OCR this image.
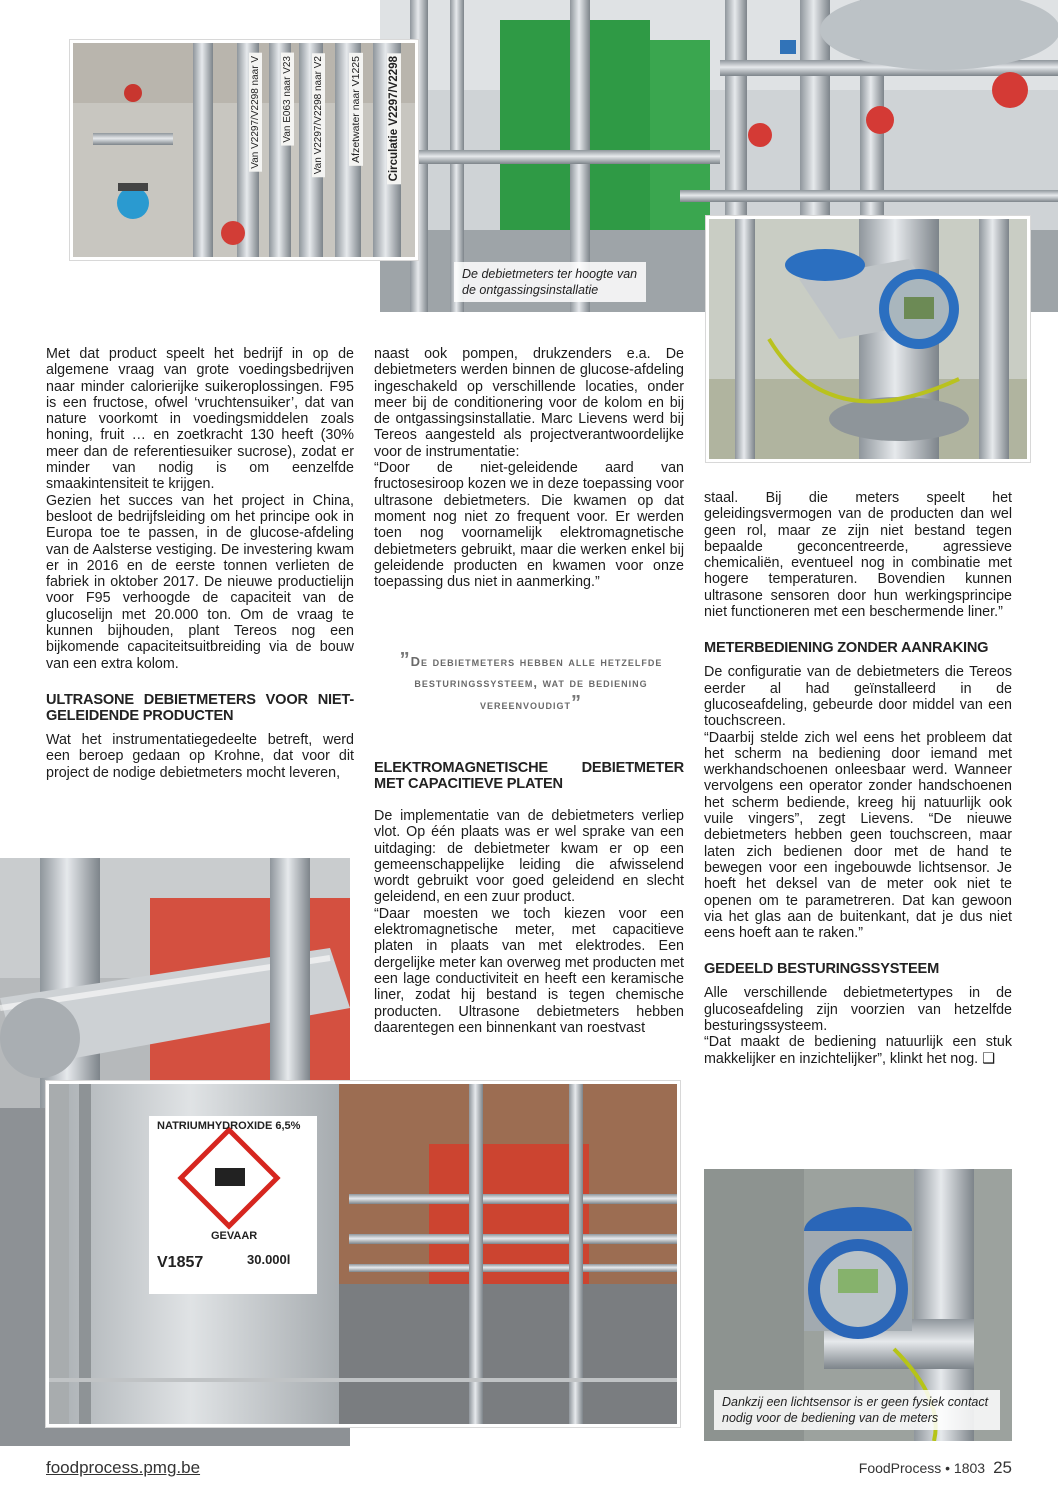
Circulatie V2297/V2298
Afzetwater naar V1225
Van V2297/V2298 naar V2
Van E063 naar V23
Van V2297/V2298 naar V
De debietmeters ter hoogte van de ontgassingsinstallatie
NATRIUMHYDROXIDE 6,5%
GEVAAR
V1857	30.000l
Dankzij een lichtsensor is er geen fysiek contact nodig voor de bediening van de meters

Met dat product speelt het bedrijf in op de algemene vraag van grote voedingsbedrijven naar minder calorierijke suikeroplossingen. F95 is een fructose, ofwel ‘vruchtensuiker’, dat van nature voorkomt in voedingsmiddelen zoals honing, fruit … en zoetkracht 130 heeft (30% meer dan de referentiesuiker sucrose), zodat er minder van nodig is om eenzelfde smaakintensiteit te krijgen.

Gezien het succes van het project in China, besloot de bedrijfsleiding om het principe ook in Europa toe te passen, in de glucose-afdeling van de Aalsterse vestiging. De investering kwam er in 2016 en de eerste tonnen verlieten de fabriek in oktober 2017. De nieuwe productielijn voor F95 verhoogde de capaciteit van de glucoselijn met 20.000 ton. Om de vraag te kunnen bijhouden, plant Tereos nog een bijkomende capaciteitsuitbreiding via de bouw van een extra kolom.

ULTRASONE DEBIETMETERS VOOR NIET-GELEIDENDE PRODUCTEN

Wat het instrumentatiegedeelte betreft, werd een beroep gedaan op Krohne, dat voor dit project de nodige debietmeters mocht leveren,

naast ook pompen, drukzenders e.a. De debietmeters werden binnen de glucose-afdeling ingeschakeld op verschillende locaties, onder meer bij de conditionering voor de kolom en bij de ontgassingsinstallatie. Marc Lievens werd bij Tereos aangesteld als projectverantwoordelijke voor de instrumentatie:

“Door de niet-geleidende aard van fructosesiroop kozen we in deze toepassing voor ultrasone debietmeters. Die kwamen op dat moment nog niet zo frequent voor. Er werden toen nog voornamelijk elektromagnetische debietmeters gebruikt, maar die werken enkel bij geleidende producten en kwamen voor onze toepassing dus niet in aanmerking.”

”De debietmeters hebben alle hetzelfde besturingssysteem, wat de bediening vereenvoudigt”
ELEKTROMAGNETISCHE DEBIETMETER MET CAPACITIEVE PLATEN

De implementatie van de debietmeters verliep vlot. Op één plaats was er wel sprake van een uitdaging: de debietmeter kwam er op een gemeenschappelijke leiding die afwisselend wordt gebruikt voor goed geleidend en slecht geleidend, en een zuur product.

“Daar moesten we toch kiezen voor een elektromagnetische meter, met capacitieve platen in plaats van met elektrodes. Een dergelijke meter kan overweg met producten met een lage conductiviteit en heeft een keramische liner, zodat hij bestand is tegen chemische producten. Ultrasone debietmeters hebben daarentegen een binnenkant van roestvast

staal. Bij die meters speelt het geleidingsvermogen van de producten dan wel geen rol, maar ze zijn niet bestand tegen bepaalde geconcentreerde, agressieve chemicaliën, eventueel nog in combinatie met hogere temperaturen. Bovendien kunnen ultrasone sensoren door hun werkingsprincipe niet functioneren met een beschermende liner.”

METERBEDIENING ZONDER AANRAKING

De configuratie van de debietmeters die Tereos eerder al had geïnstalleerd in de glucoseafdeling, gebeurde door middel van een touchscreen.

“Daarbij stelde zich wel eens het probleem dat het scherm na bediening door iemand met werkhandschoenen onleesbaar werd. Wanneer vervolgens een operator zonder handschoenen het scherm bediende, kreeg hij natuurlijk ook vuile vingers”, zegt Lievens. “De nieuwe debietmeters hebben geen touchscreen, maar laten zich bedienen door met de hand te bewegen voor een ingebouwde lichtsensor. Je hoeft het deksel van de meter ook niet te openen om te parametreren. Dat kan gewoon via het glas aan de buitenkant, dat je dus niet eens hoeft aan te raken.”

GEDEELD BESTURINGSSYSTEEM

Alle verschillende debietmetertypes in de glucoseafdeling zijn voorzien van hetzelfde besturingssysteem.

“Dat maakt de bediening natuurlijk een stuk makkelijker en inzichtelijker”, klinkt het nog. ❑

foodprocess.pmg.be	FoodProcess • 1803 25
